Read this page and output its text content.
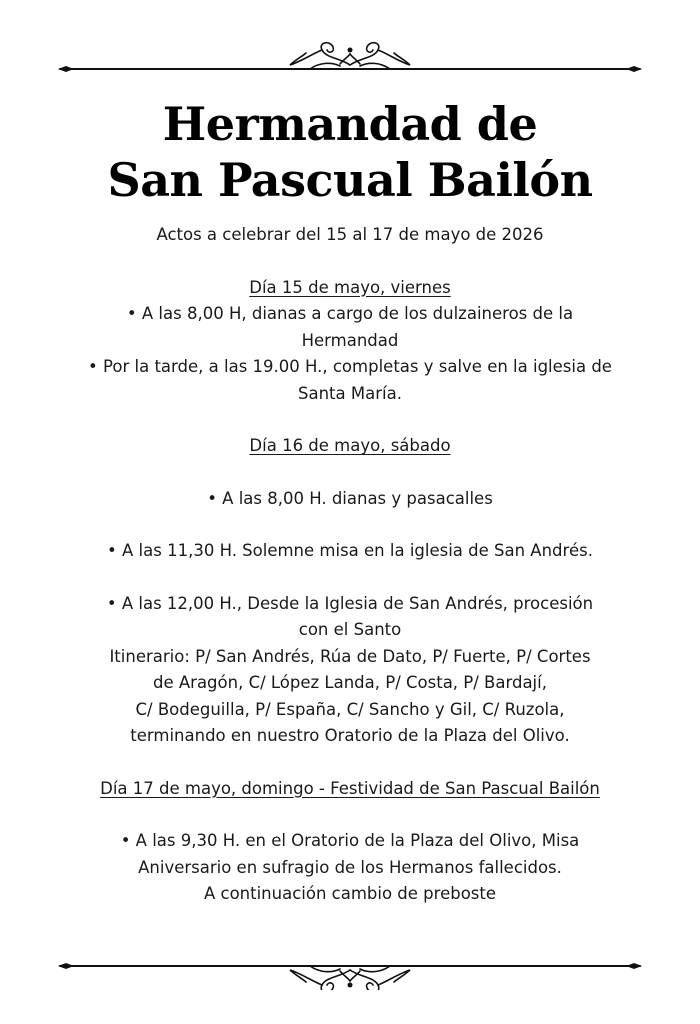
Hermandad de
San Pascual Bailón

Actos a celebrar del 15 al 17 de mayo de 2026

Día 15 de mayo, viernes

• A las 8,00 H, dianas a cargo de los dulzaineros de la

Hermandad

• Por la tarde, a las 19.00 H., completas y salve en la iglesia de

Santa María.

Día 16 de mayo, sábado

• A las 8,00 H. dianas y pasacalles

• A las 11,30 H. Solemne misa en la iglesia de San Andrés.

• A las 12,00 H., Desde la Iglesia de San Andrés, procesión

con el Santo

Itinerario: P/ San Andrés, Rúa de Dato, P/ Fuerte, P/ Cortes

de Aragón, C/ López Landa, P/ Costa, P/ Bardají,

C/ Bodeguilla, P/ España, C/ Sancho y Gil, C/ Ruzola,

terminando en nuestro Oratorio de la Plaza del Olivo.

Día 17 de mayo, domingo - Festividad de San Pascual Bailón

• A las 9,30 H. en el Oratorio de la Plaza del Olivo, Misa

Aniversario en sufragio de los Hermanos fallecidos.

A continuación cambio de preboste
